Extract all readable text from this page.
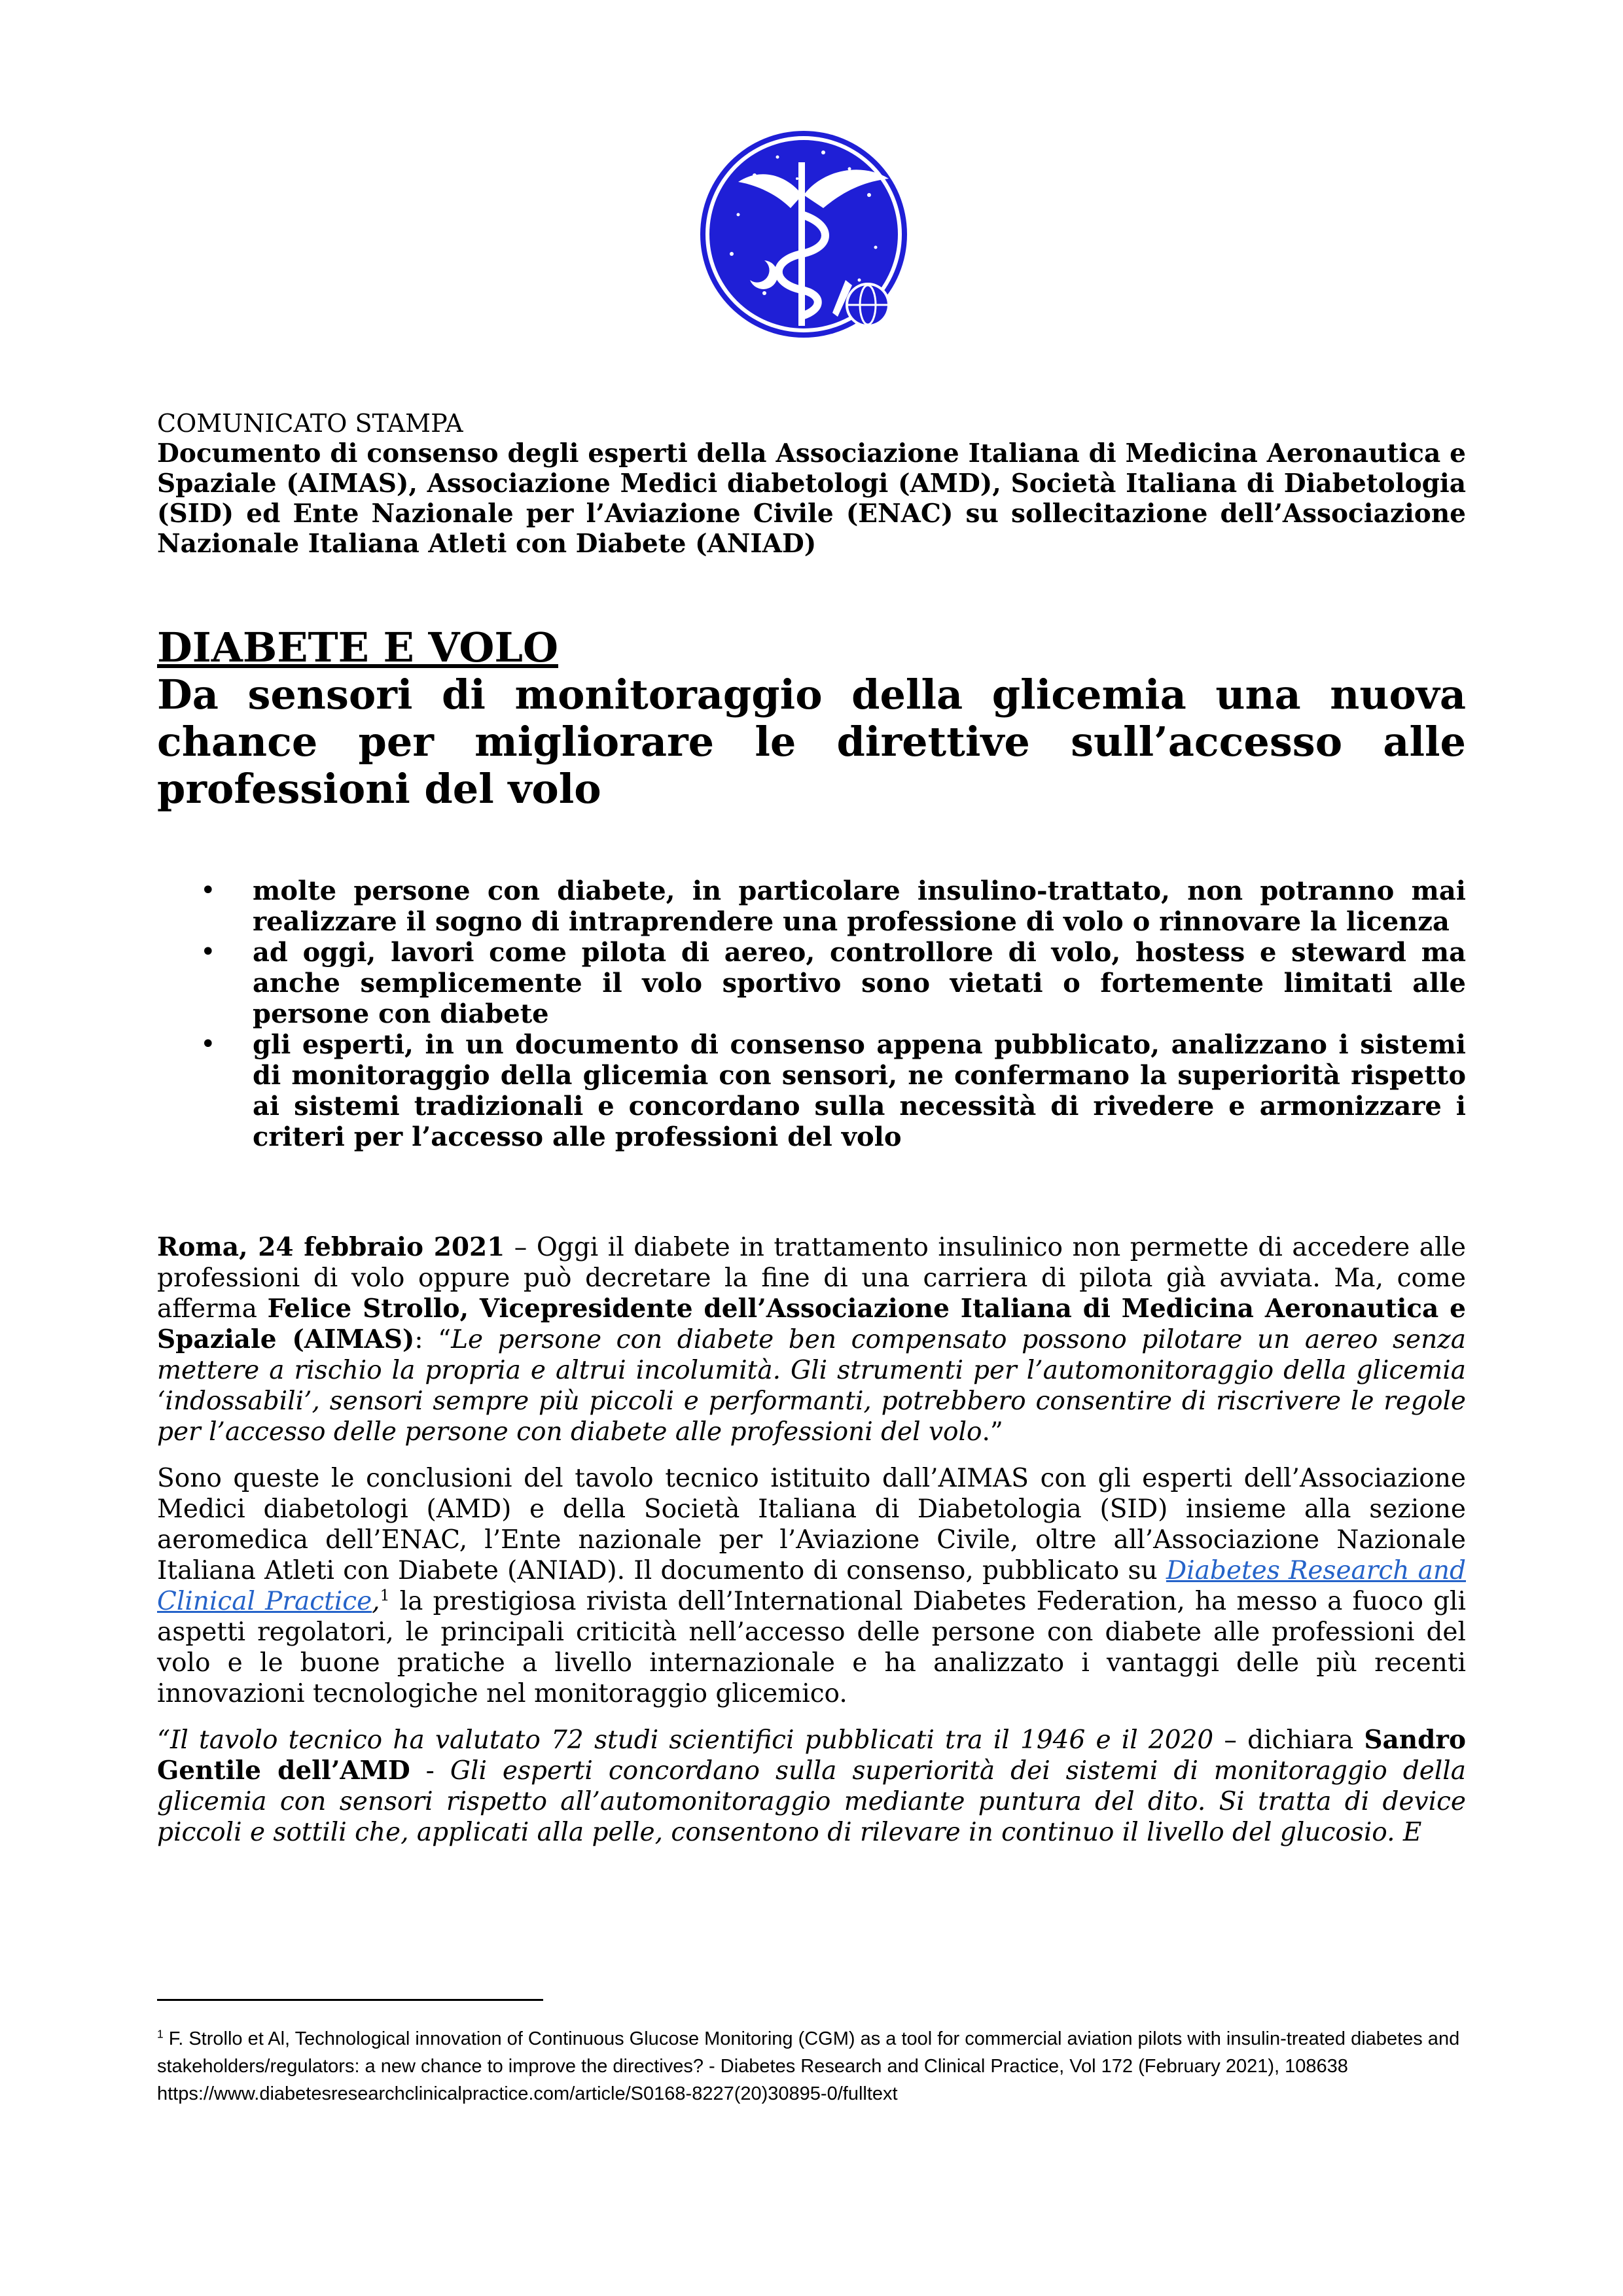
COMUNICATO STAMPA

Documento di consenso degli esperti della Associazione Italiana di Medicina Aeronautica e Spaziale (AIMAS), Associazione Medici diabetologi (AMD), Società Italiana di Diabetologia (SID) ed Ente Nazionale per l’Aviazione Civile (ENAC) su sollecitazione dell’Associazione Nazionale Italiana Atleti con Diabete (ANIAD)

DIABETE E VOLO

Da sensori di monitoraggio della glicemia una nuova chance per migliorare le direttive sull’accesso alle professioni del volo

• molte persone con diabete, in particolare insulino-trattato, non potranno mai realizzare il sogno di intraprendere una professione di volo o rinnovare la licenza
• ad oggi, lavori come pilota di aereo, controllore di volo, hostess e steward ma anche semplicemente il volo sportivo sono vietati o fortemente limitati alle persone con diabete
• gli esperti, in un documento di consenso appena pubblicato, analizzano i sistemi di monitoraggio della glicemia con sensori, ne confermano la superiorità rispetto ai sistemi tradizionali e concordano sulla necessità di rivedere e armonizzare i criteri per l’accesso alle professioni del volo

Roma, 24 febbraio 2021 – Oggi il diabete in trattamento insulinico non permette di accedere alle professioni di volo oppure può decretare la fine di una carriera di pilota già avviata. Ma, come afferma Felice Strollo, Vicepresidente dell’Associazione Italiana di Medicina Aeronautica e Spaziale (AIMAS): “Le persone con diabete ben compensato possono pilotare un aereo senza mettere a rischio la propria e altrui incolumità. Gli strumenti per l’automonitoraggio della glicemia ‘indossabili’, sensori sempre più piccoli e performanti, potrebbero consentire di riscrivere le regole per l’accesso delle persone con diabete alle professioni del volo.”

Sono queste le conclusioni del tavolo tecnico istituito dall’AIMAS con gli esperti dell’Associazione Medici diabetologi (AMD) e della Società Italiana di Diabetologia (SID) insieme alla sezione aeromedica dell’ENAC, l’Ente nazionale per l’Aviazione Civile, oltre all’Associazione Nazionale Italiana Atleti con Diabete (ANIAD). Il documento di consenso, pubblicato su Diabetes Research and Clinical Practice,$^1$ la prestigiosa rivista dell’International Diabetes Federation, ha messo a fuoco gli aspetti regolatori, le principali criticità nell’accesso delle persone con diabete alle professioni del volo e le buone pratiche a livello internazionale e ha analizzato i vantaggi delle più recenti innovazioni tecnologiche nel monitoraggio glicemico.

“Il tavolo tecnico ha valutato 72 studi scientifici pubblicati tra il 1946 e il 2020 – dichiara Sandro Gentile dell’AMD - Gli esperti concordano sulla superiorità dei sistemi di monitoraggio della glicemia con sensori rispetto all’automonitoraggio mediante puntura del dito. Si tratta di device piccoli e sottili che, applicati alla pelle, consentono di rilevare in continuo il livello del glucosio. E

$^1$ F. Strollo et Al, Technological innovation of Continuous Glucose Monitoring (CGM) as a tool for commercial aviation pilots with insulin-treated diabetes and stakeholders/regulators: a new chance to improve the directives? - Diabetes Research and Clinical Practice, Vol 172 (February 2021), 108638 https://www.diabetesresearchclinicalpractice.com/article/S0168-8227(20)30895-0/fulltext
